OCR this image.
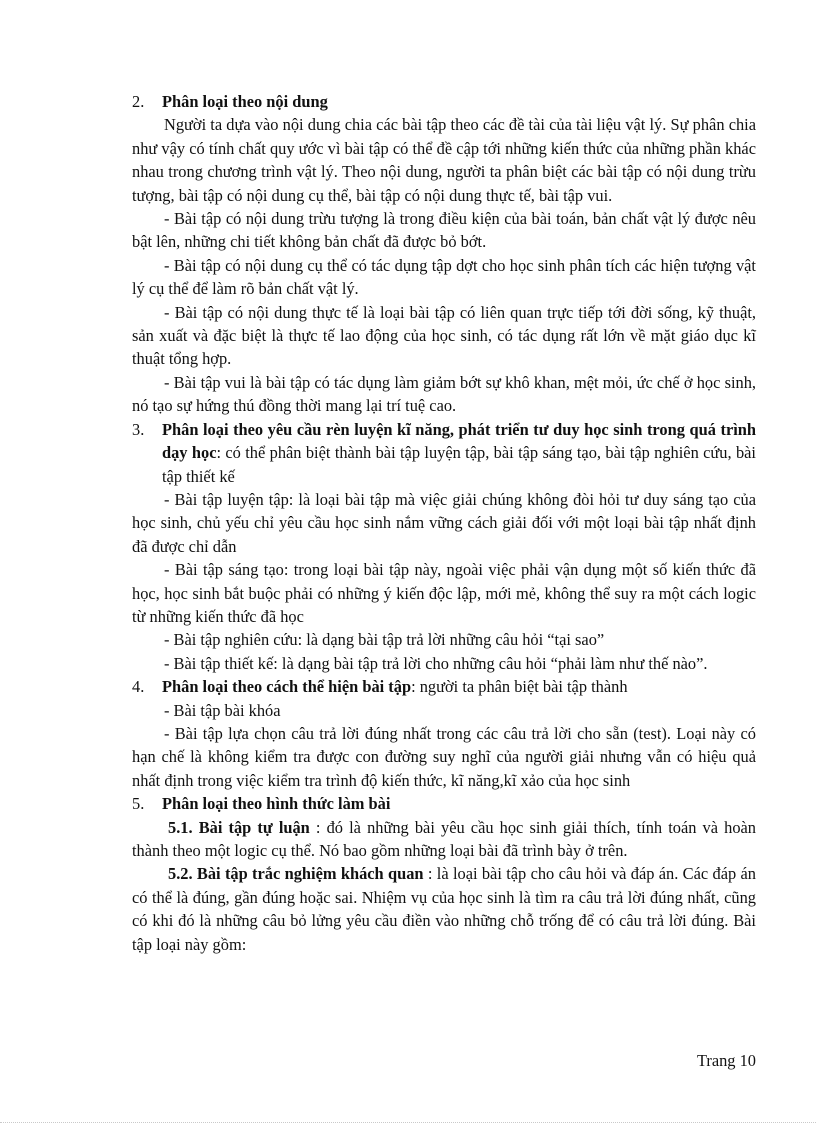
2. Phân loại theo nội dung

Người ta dựa vào nội dung chia các bài tập theo các đề tài của tài liệu vật lý. Sự phân chia như vậy có tính chất quy ước vì bài tập có thể đề cập tới những kiến thức của những phần khác nhau trong chương trình vật lý. Theo nội dung, người ta phân biệt các bài tập có nội dung trừu tượng, bài tập có nội dung cụ thể, bài tập có nội dung thực tế, bài tập vui.

- Bài tập có nội dung trừu tượng là trong điều kiện của bài toán, bản chất vật lý được nêu bật lên, những chi tiết không bản chất đã được bỏ bớt.

- Bài tập có nội dung cụ thể có tác dụng tập dợt cho học sinh phân tích các hiện tượng vật lý cụ thể để làm rõ bản chất vật lý.

- Bài tập có nội dung thực tế là loại bài tập có liên quan trực tiếp tới đời sống, kỹ thuật, sản xuất và đặc biệt là thực tế lao động của học sinh, có tác dụng rất lớn về mặt giáo dục kĩ thuật tổng hợp.

- Bài tập vui là bài tập có tác dụng làm giảm bớt sự khô khan, mệt mỏi, ức chế ở học sinh, nó tạo sự hứng thú đồng thời mang lại trí tuệ cao.

3. Phân loại theo yêu cầu rèn luyện kĩ năng, phát triển tư duy học sinh trong quá trình dạy học: có thể phân biệt thành bài tập luyện tập, bài tập sáng tạo, bài tập nghiên cứu, bài tập thiết kế

- Bài tập luyện tập: là loại bài tập mà việc giải chúng không đòi hỏi tư duy sáng tạo của học sinh, chủ yếu chỉ yêu cầu học sinh nắm vững cách giải đối với một loại bài tập nhất định đã được chỉ dẫn

- Bài tập sáng tạo: trong loại bài tập này, ngoài việc phải vận dụng một số kiến thức đã học, học sinh bắt buộc phải có những ý kiến độc lập, mới mẻ, không thể suy ra một cách logic từ những kiến thức đã học

- Bài tập nghiên cứu: là dạng bài tập trả lời những câu hỏi “tại sao”

- Bài tập thiết kế: là dạng bài tập trả lời cho những câu hỏi “phải làm như thế nào”.

4. Phân loại theo cách thể hiện bài tập: người ta phân biệt bài tập thành

- Bài tập bài khóa

- Bài tập lựa chọn câu trả lời đúng nhất trong các câu trả lời cho sẵn (test). Loại này có hạn chế là không kiểm tra được con đường suy nghĩ của người giải nhưng vẫn có hiệu quả nhất định trong việc kiểm tra trình độ kiến thức, kĩ năng,kĩ xảo của học sinh

5. Phân loại theo hình thức làm bài

5.1. Bài tập tự luận : đó là những bài yêu cầu học sinh giải thích, tính toán và hoàn thành theo một logic cụ thể. Nó bao gồm những loại bài đã trình bày ở trên.

5.2. Bài tập trắc nghiệm khách quan : là loại bài tập cho câu hỏi và đáp án. Các đáp án có thể là đúng, gần đúng hoặc sai. Nhiệm vụ của học sinh là tìm ra câu trả lời đúng nhất, cũng có khi đó là những câu bỏ lửng yêu cầu điền vào những chỗ trống để có câu trả lời đúng. Bài tập loại này gồm:

Trang 10
